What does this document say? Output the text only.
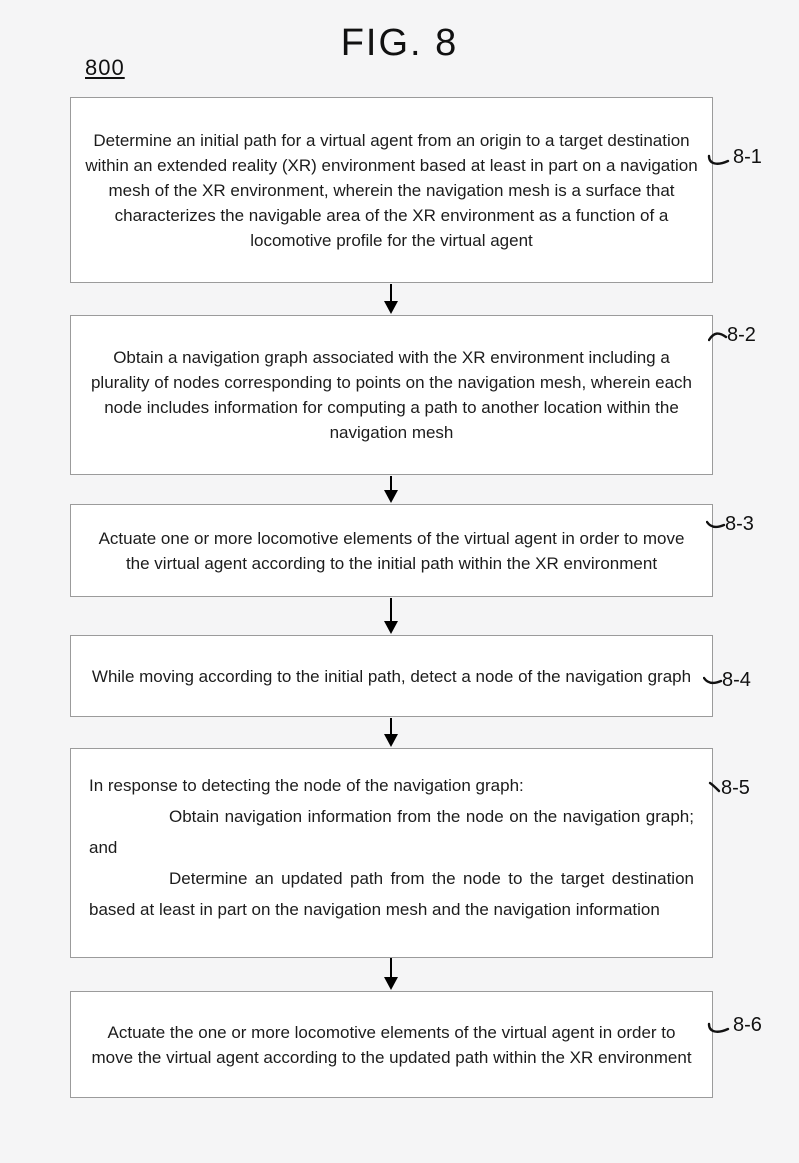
FIG. 8
800
Determine an initial path for a virtual agent from an origin to a target destination within an extended reality (XR) environment based at least in part on a navigation mesh of the XR environment, wherein the navigation mesh is a surface that characterizes the navigable area of the XR environment as a function of a locomotive profile for the virtual agent
Obtain a navigation graph associated with the XR environment including a plurality of nodes corresponding to points on the navigation mesh, wherein each node includes information for computing a path to another location within the navigation mesh
Actuate one or more locomotive elements of the virtual agent in order to move the virtual agent according to the initial path within the XR environment
While moving according to the initial path, detect a node of the navigation graph

In response to detecting the node of the navigation graph:

Obtain navigation information from the node on the navigation graph; and

Determine an updated path from the node to the target destination based at least in part on the navigation mesh and the navigation information

Actuate the one or more locomotive elements of the virtual agent in order to move the virtual agent according to the updated path within the XR environment
8-1
8-2
8-3
8-4
8-5
8-6
